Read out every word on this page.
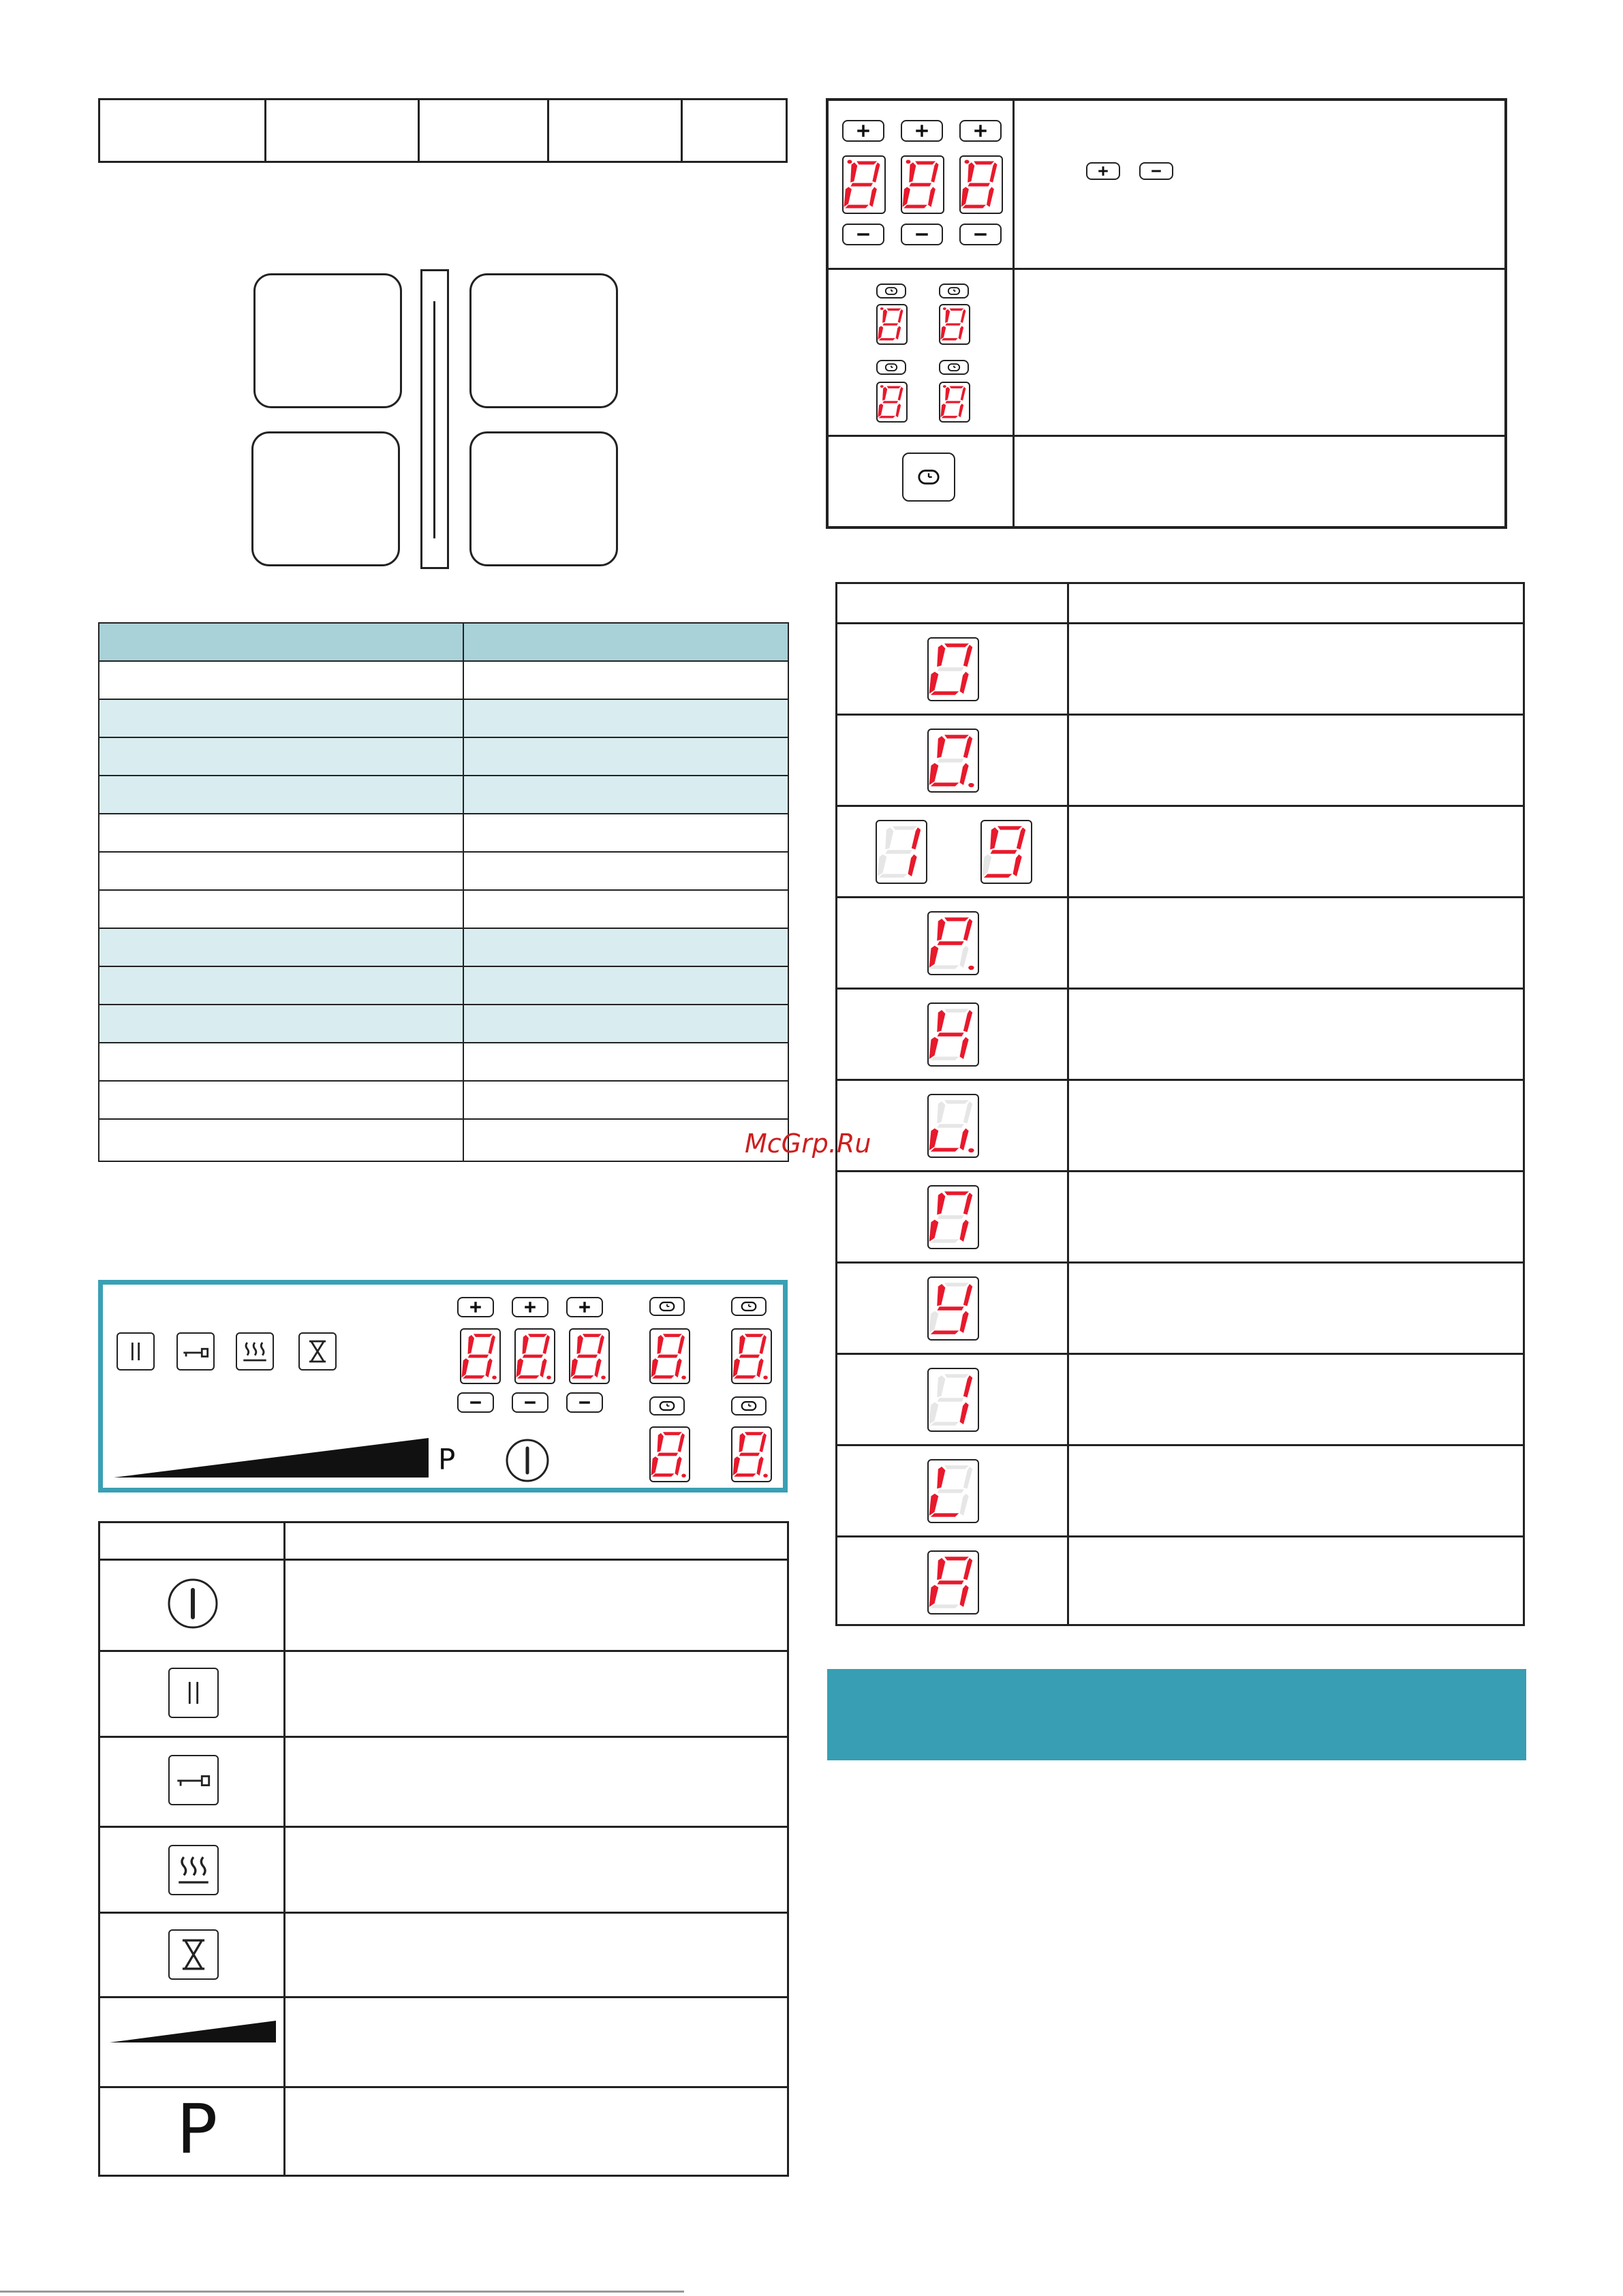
P
P
McGrp.Ru
